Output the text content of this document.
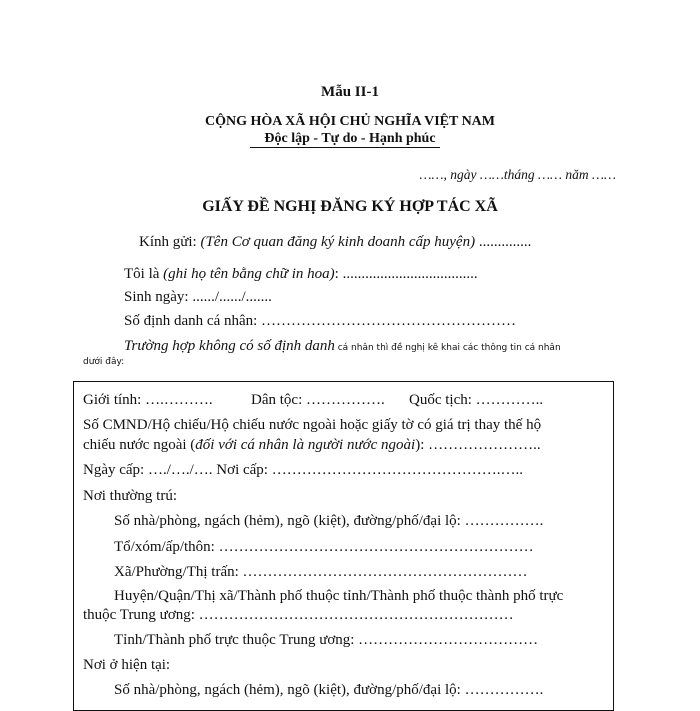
Mẫu II-1
CỘNG HÒA XÃ HỘI CHỦ NGHĨA VIỆT NAM
Độc lập - Tự do - Hạnh phúc
……, ngày ……tháng …… năm ……
GIẤY ĐỀ NGHỊ ĐĂNG KÝ HỢP TÁC XÃ
Kính gửi: (Tên Cơ quan đăng ký kinh doanh cấp huyện) ..............
Tôi là (ghi họ tên bằng chữ in hoa): ....................................
Sinh ngày: ....../....../.......
Số định danh cá nhân: ……………………………………………
Trường hợp không có số định danh cá nhân thì đề nghị kê khai các thông tin cá nhân
dưới đây:
Giới tính: ….……….	Dân tộc: ……………. Quốc tịch: …………..
Số CMND/Hộ chiếu/Hộ chiếu nước ngoài hoặc giấy tờ có giá trị thay thế hộ
chiếu nước ngoài (đối với cá nhân là người nước ngoài): …………………..
Ngày cấp: …./…./…. Nơi cấp: ……………………………………….…..
Nơi thường trú:
Số nhà/phòng, ngách (hẻm), ngõ (kiệt), đường/phố/đại lộ: …………….
Tổ/xóm/ấp/thôn: ………………………………………………………
Xã/Phường/Thị trấn: …………………………………………………
Huyện/Quận/Thị xã/Thành phố thuộc tỉnh/Thành phố thuộc thành phố trực
thuộc Trung ương: ………………………………………………………
Tỉnh/Thành phố trực thuộc Trung ương: ………………………………
Nơi ở hiện tại:
Số nhà/phòng, ngách (hẻm), ngõ (kiệt), đường/phố/đại lộ: …………….
